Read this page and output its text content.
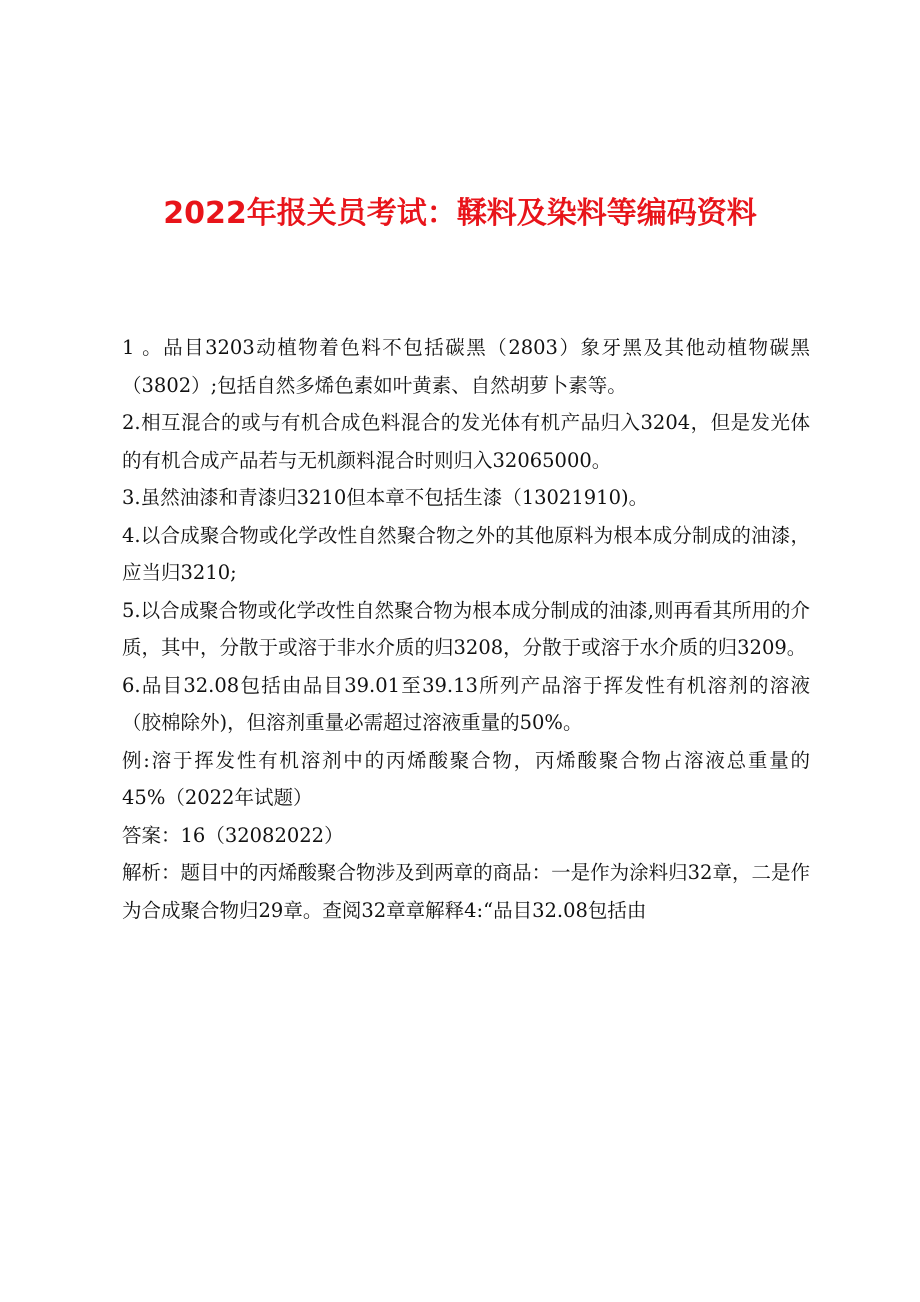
2022年报关员考试：鞣料及染料等编码资料

1 。品目3203动植物着色料不包括碳黑（2803）象牙黑及其他动植物碳黑（3802）;包括自然多烯色素如叶黄素、自然胡萝卜素等。

2.相互混合的或与有机合成色料混合的发光体有机产品归入3204，但是发光体的有机合成产品若与无机颜料混合时则归入32065000。

3.虽然油漆和青漆归3210但本章不包括生漆（13021910)。

4.以合成聚合物或化学改性自然聚合物之外的其他原料为根本成分制成的油漆，应当归3210;

5.以合成聚合物或化学改性自然聚合物为根本成分制成的油漆,则再看其所用的介质，其中，分散于或溶于非水介质的归3208，分散于或溶于水介质的归3209。

6.品目32.08包括由品目39.01至39.13所列产品溶于挥发性有机溶剂的溶液（胶棉除外)，但溶剂重量必需超过溶液重量的50%。

例:溶于挥发性有机溶剂中的丙烯酸聚合物，丙烯酸聚合物占溶液总重量的45%（2022年试题）

答案：16（32082022）

解析：题目中的丙烯酸聚合物涉及到两章的商品：一是作为涂料归32章，二是作为合成聚合物归29章。查阅32章章解释4:“品目32.08包括由
